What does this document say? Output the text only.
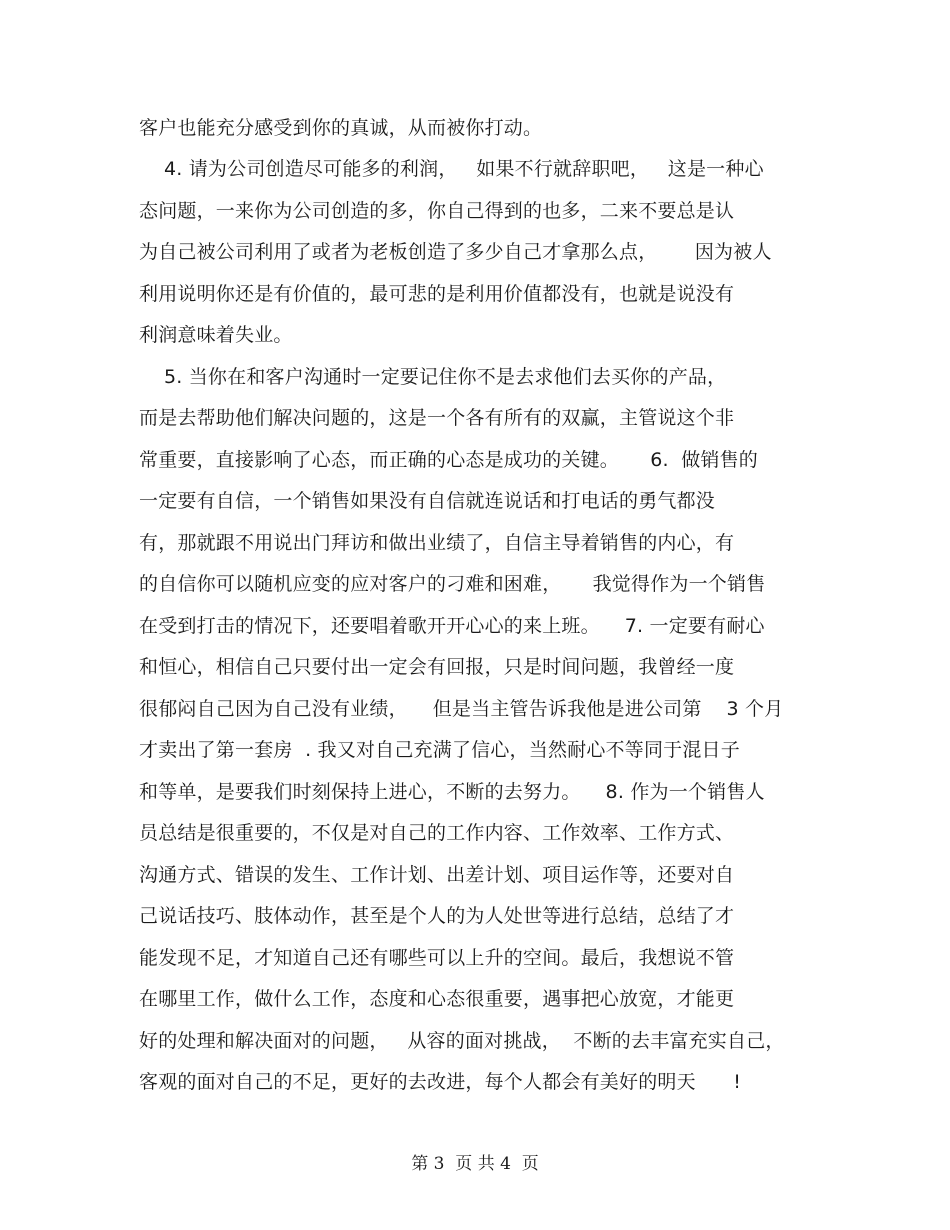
客户也能充分感受到你的真诚，从而被你打动。
4. 请为公司创造尽可能多的利润，   如果不行就辞职吧，   这是一种心
态问题，一来你为公司创造的多，你自己得到的也多，二来不要总是认
为自己被公司利用了或者为老板创造了多少自己才拿那么点，      因为被人
利用说明你还是有价值的，最可悲的是利用价值都没有，也就是说没有
利润意味着失业。
5. 当你在和客户沟通时一定要记住你不是去求他们去买你的产品，
而是去帮助他们解决问题的，这是一个各有所有的双赢，主管说这个非
常重要，直接影响了心态，而正确的心态是成功的关键。     6.  做销售的
一定要有自信，一个销售如果没有自信就连说话和打电话的勇气都没
有，那就跟不用说出门拜访和做出业绩了，自信主导着销售的内心，有
的自信你可以随机应变的应对客户的刁难和困难，     我觉得作为一个销售
在受到打击的情况下，还要唱着歌开开心心的来上班。    7. 一定要有耐心
和恒心，相信自己只要付出一定会有回报，只是时间问题，我曾经一度
很郁闷自己因为自己没有业绩，    但是当主管告诉我他是进公司第    3 个月
才卖出了第一套房  . 我又对自己充满了信心，当然耐心不等同于混日子
和等单，是要我们时刻保持上进心，不断的去努力。    8. 作为一个销售人
员总结是很重要的，不仅是对自己的工作内容、工作效率、工作方式、
沟通方式、错误的发生、工作计划、出差计划、项目运作等，还要对自
己说话技巧、肢体动作，甚至是个人的为人处世等进行总结，总结了才
能发现不足，才知道自己还有哪些可以上升的空间。最后，我想说不管
在哪里工作，做什么工作，态度和心态很重要，遇事把心放宽，才能更
好的处理和解决面对的问题，   从容的面对挑战，  不断的去丰富充实自己，
客观的面对自己的不足，更好的去改进，每个人都会有美好的明天      !
第 3  页 共 4  页
